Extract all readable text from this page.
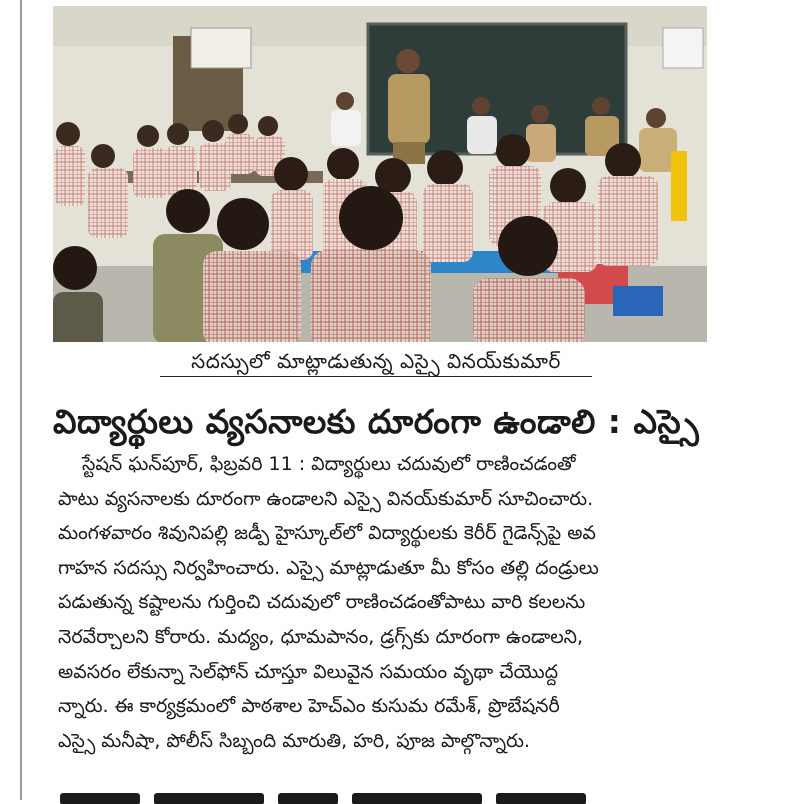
సదస్సులో మాట్లాడుతున్న ఎస్సై వినయ్‌కుమార్
విద్యార్థులు వ్యసనాలకు దూరంగా ఉండాలి : ఎస్సై
స్టేషన్ ఘన్‌పూర్, ఫిబ్రవరి 11 : విద్యార్థులు చదువులో రాణించడంతో
పాటు వ్యసనాలకు దూరంగా ఉండాలని ఎస్సై వినయ్‌కుమార్ సూచించారు.
మంగళవారం శివునిపల్లి జడ్పీ హైస్కూల్‌లో విద్యార్థులకు కెరీర్ గైడెన్స్‌పై అవ
గాహన సదస్సు నిర్వహించారు. ఎస్సై మాట్లాడుతూ మీ కోసం తల్లి దండ్రులు
పడుతున్న కష్టాలను గుర్తించి చదువులో రాణించడంతోపాటు వారి కలలను
నెరవేర్చాలని కోరారు. మద్యం, ధూమపానం, డ్రగ్స్‌కు దూరంగా ఉండాలని,
అవసరం లేకున్నా సెల్‌ఫోన్ చూస్తూ విలువైన సమయం వృథా చేయొద్ద
న్నారు. ఈ కార్యక్రమంలో పాఠశాల హెచ్‌ఎం కుసుమ రమేశ్, ప్రొబేషనరీ
ఎస్సై మనీషా, పోలీస్ సిబ్బంది మారుతి, హరి, పూజ పాల్గొన్నారు.
